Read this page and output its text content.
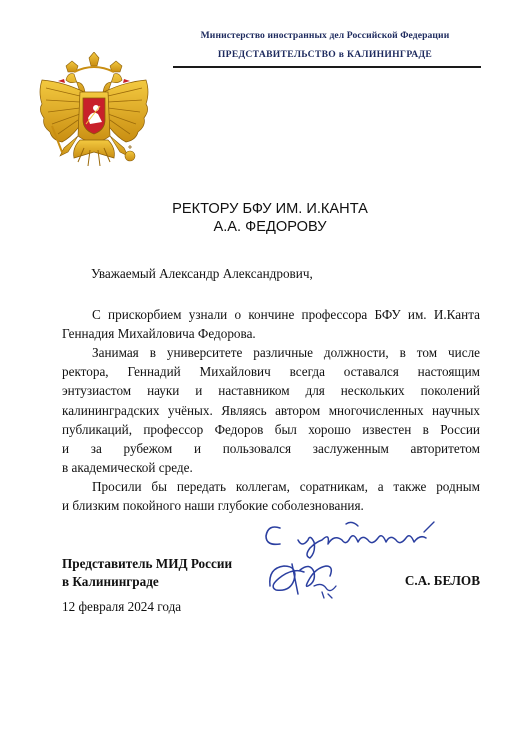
Министерство иностранных дел Российской Федерации
ПРЕДСТАВИТЕЛЬСТВО в КАЛИНИНГРАДЕ
РЕКТОРУ БФУ ИМ. И.КАНТА
А.А. ФЕДОРОВУ
Уважаемый Александр Александрович,
С прискорбием узнали о кончине профессора БФУ им. И.Канта
Геннадия Михайловича Федорова.
Занимая в университете различные должности, в том числе
ректора, Геннадий Михайлович всегда оставался настоящим
энтузиастом науки и наставником для нескольких поколений
калининградских учёных. Являясь автором многочисленных научных
публикаций, профессор Федоров был хорошо известен в России
и за рубежом и пользовался заслуженным авторитетом
в академической среде.
Просили бы передать коллегам, соратникам, а также родным
и близким покойного наши глубокие соболезнования.
Представитель МИД России
в Калининграде	С.А. БЕЛОВ
12 февраля 2024 года
